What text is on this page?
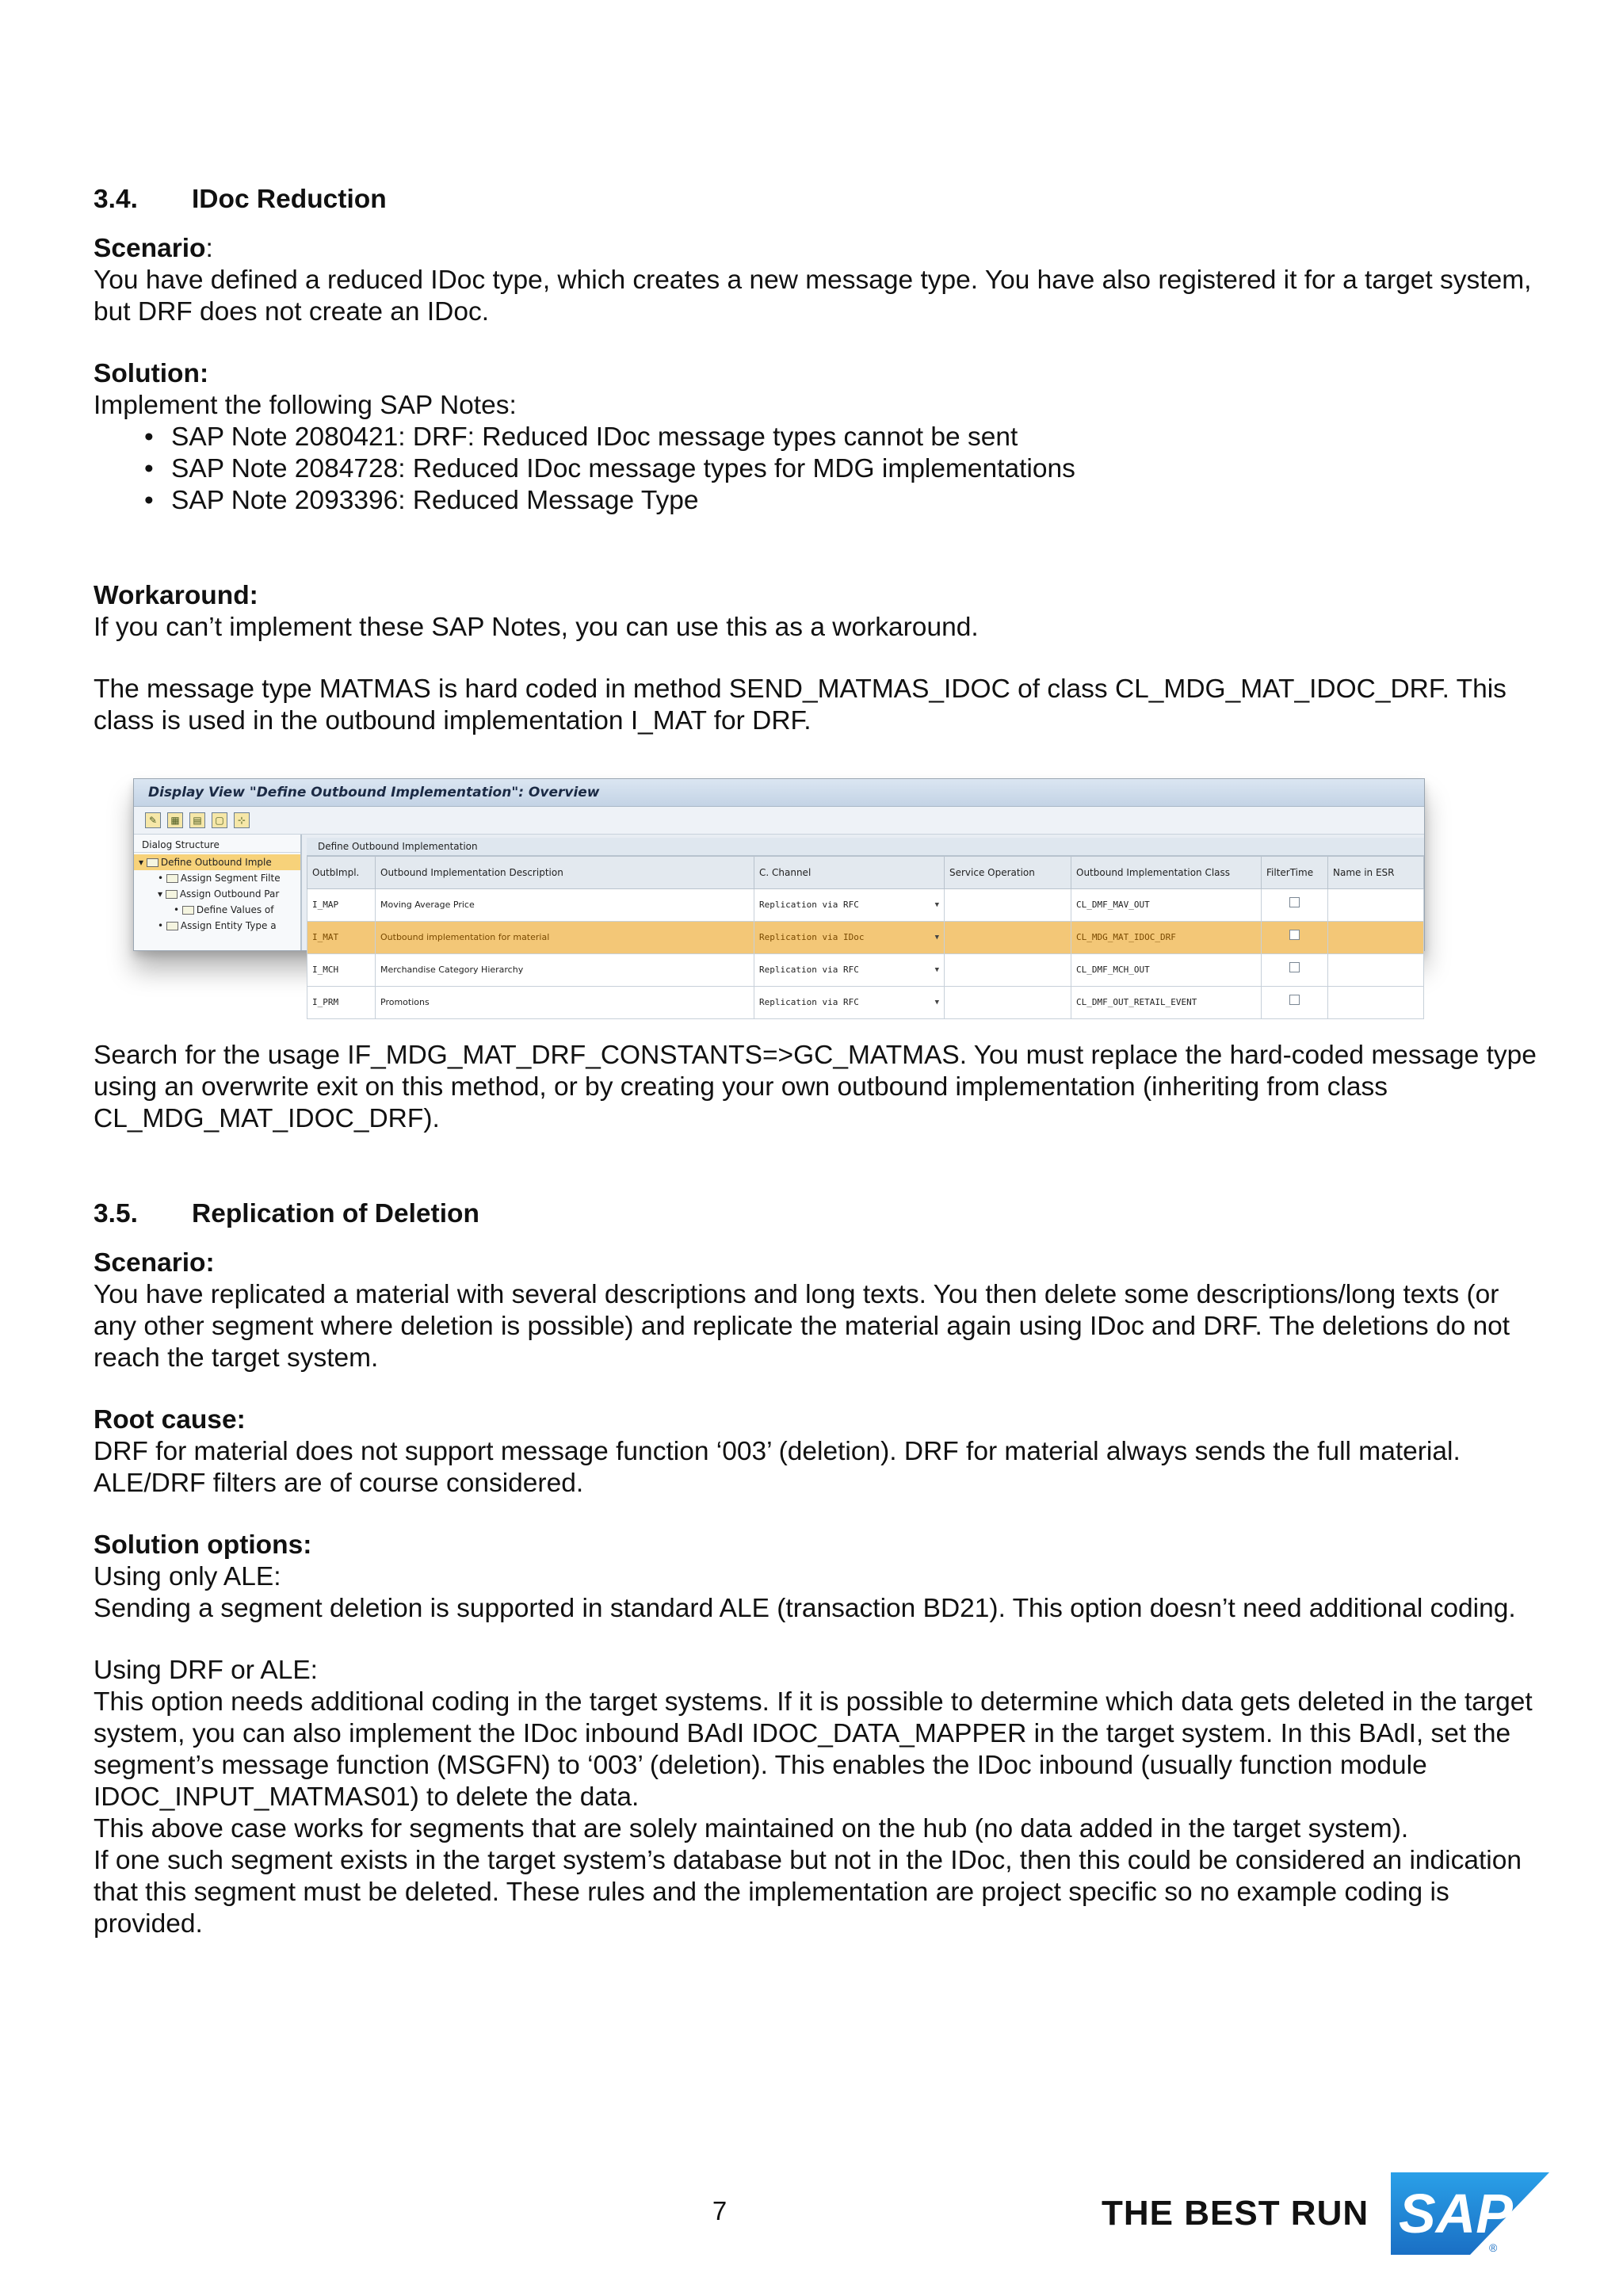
3.4.	IDoc Reduction

Scenario:

You have defined a reduced IDoc type, which creates a new message type. You have also registered it for a target system, but DRF does not create an IDoc.

Solution:

Implement the following SAP Notes:

• SAP Note 2080421: DRF: Reduced IDoc message types cannot be sent
• SAP Note 2084728: Reduced IDoc message types for MDG implementations
• SAP Note 2093396: Reduced Message Type

Workaround:

If you can’t implement these SAP Notes, you can use this as a workaround.

The message type MATMAS is hard coded in method SEND_MATMAS_IDOC of class CL_MDG_MAT_IDOC_DRF. This class is used in the outbound implementation I_MAT for DRF.

Display View "Define Outbound Implementation": Overview
✎	▦	▤	▢	⊹
Dialog Structure
▾ Define Outbound Imple
• Assign Segment Filte
▾ Assign Outbound Par
• Define Values of
• Assign Entity Type a
Define Outbound Implementation
OutbImpl.	Outbound Implementation Description	C. Channel	Service Operation	Outbound Implementation Class	FilterTime	Name in ESR
I_MAP	Moving Average Price	Replication via RFC ▼		CL_DMF_MAV_OUT		
I_MAT	Outbound implementation for material	Replication via IDoc ▼		CL_MDG_MAT_IDOC_DRF		
I_MCH	Merchandise Category Hierarchy	Replication via RFC ▼		CL_DMF_MCH_OUT		
I_PRM	Promotions	Replication via RFC ▼		CL_DMF_OUT_RETAIL_EVENT		

Search for the usage IF_MDG_MAT_DRF_CONSTANTS=>GC_MATMAS. You must replace the hard-coded message type using an overwrite exit on this method, or by creating your own outbound implementation (inheriting from class CL_MDG_MAT_IDOC_DRF).

3.5.	Replication of Deletion

Scenario:

You have replicated a material with several descriptions and long texts. You then delete some descriptions/long texts (or any other segment where deletion is possible) and replicate the material again using IDoc and DRF. The deletions do not reach the target system.

Root cause:

DRF for material does not support message function ‘003’ (deletion). DRF for material always sends the full material. ALE/DRF filters are of course considered.

Solution options:

Using only ALE:

Sending a segment deletion is supported in standard ALE (transaction BD21). This option doesn’t need additional coding.

Using DRF or ALE:

This option needs additional coding in the target systems. If it is possible to determine which data gets deleted in the target system, you can also implement the IDoc inbound BAdI IDOC_DATA_MAPPER in the target system. In this BAdI, set the segment’s message function (MSGFN) to ‘003’ (deletion). This enables the IDoc inbound (usually function module IDOC_INPUT_MATMAS01) to delete the data.

This above case works for segments that are solely maintained on the hub (no data added in the target system).

If one such segment exists in the target system’s database but not in the IDoc, then this could be considered an indication that this segment must be deleted. These rules and the implementation are project specific so no example coding is provided.

7	THE BEST RUN SAP
®
